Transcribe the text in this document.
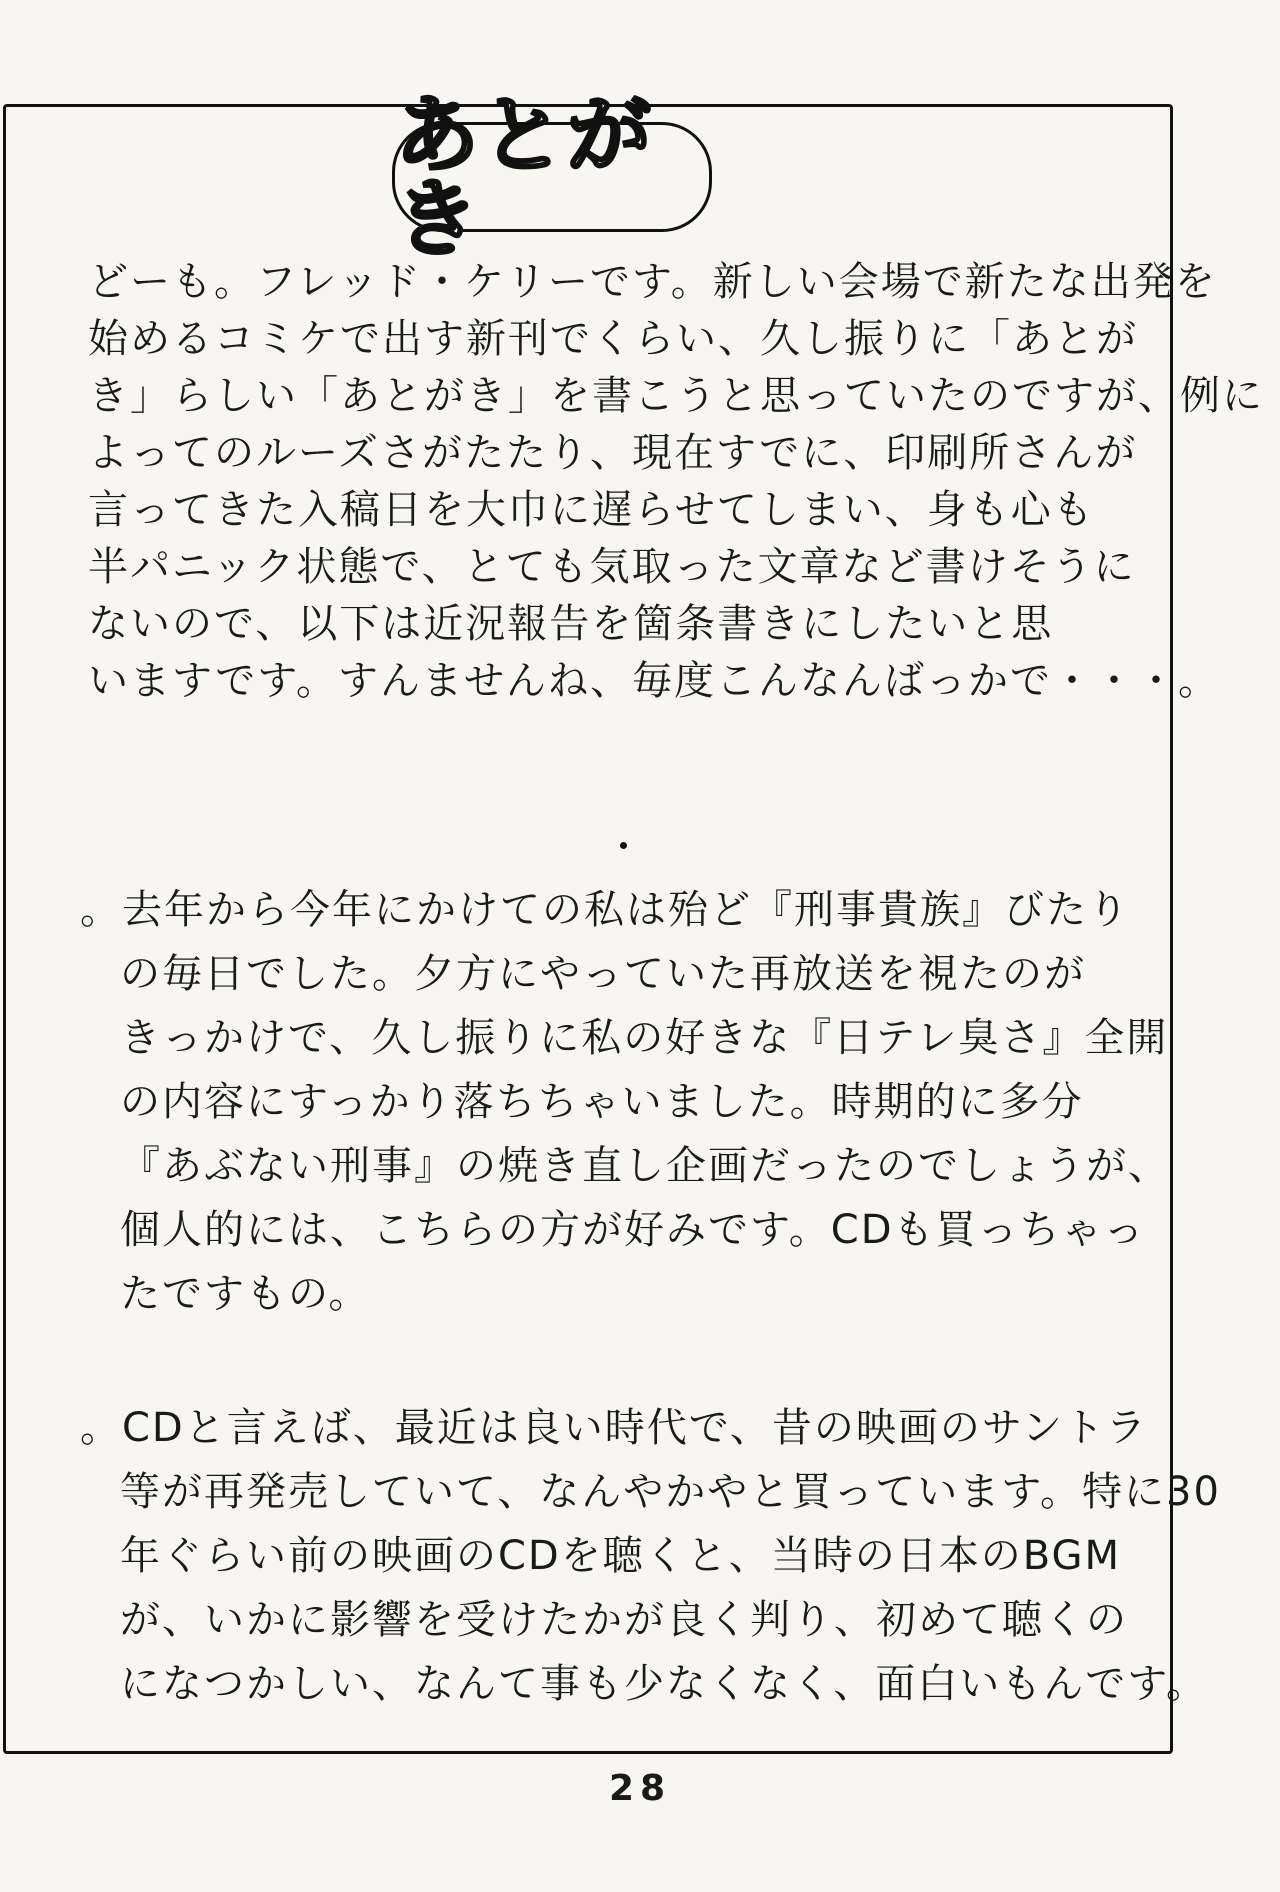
あとがき
どーも。フレッド・ケリーです。新しい会場で新たな出発を
始めるコミケで出す新刊でくらい、久し振りに「あとが
き」らしい「あとがき」を書こうと思っていたのですが、例に
よってのルーズさがたたり、現在すでに、印刷所さんが
言ってきた入稿日を大巾に遅らせてしまい、身も心も
半パニック状態で、とても気取った文章など書けそうに
ないので、以下は近況報告を箇条書きにしたいと思
いますです。すんませんね、毎度こんなんばっかで・・・。
。去年から今年にかけての私は殆ど『刑事貴族』びたり
の毎日でした。夕方にやっていた再放送を視たのが
きっかけで、久し振りに私の好きな『日テレ臭さ』全開
の内容にすっかり落ちちゃいました。時期的に多分
『あぶない刑事』の焼き直し企画だったのでしょうが、
個人的には、こちらの方が好みです。CDも買っちゃっ
たですもの。
。CDと言えば、最近は良い時代で、昔の映画のサントラ
等が再発売していて、なんやかやと買っています。特に30
年ぐらい前の映画のCDを聴くと、当時の日本のBGM
が、いかに影響を受けたかが良く判り、初めて聴くの
になつかしい、なんて事も少なくなく、面白いもんです。
28
